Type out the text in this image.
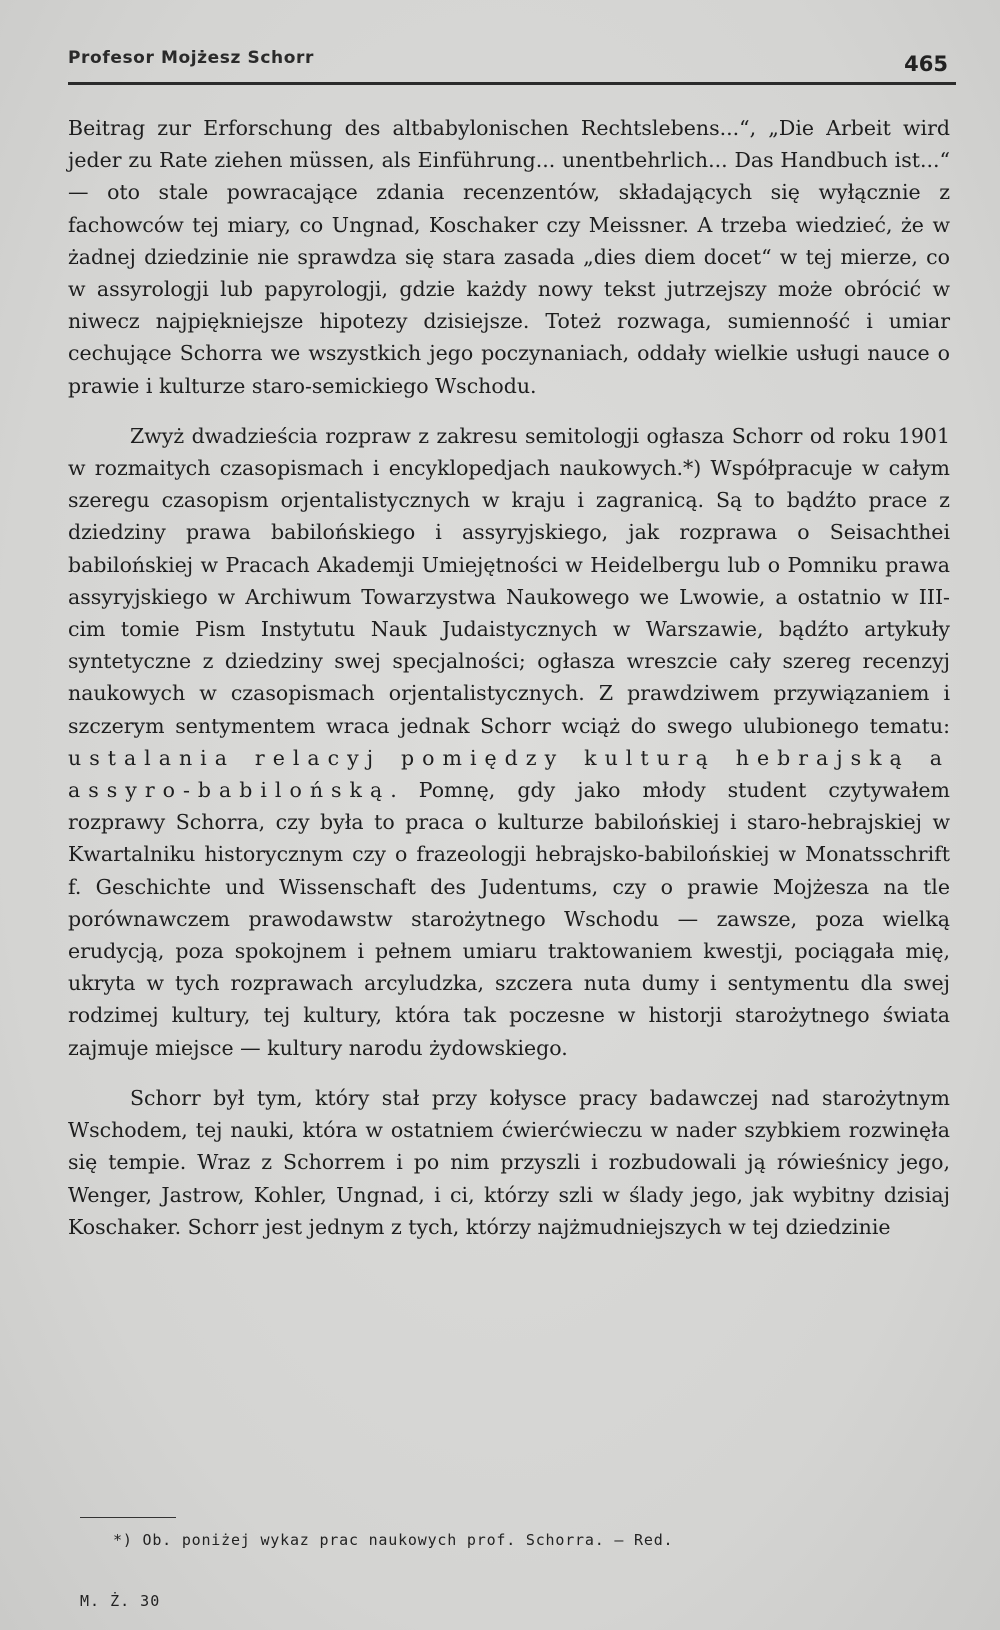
Profesor Mojżesz Schorr	465

Beitrag zur Erforschung des altbabylonischen Rechtslebens...“, „Die Arbeit wird jeder zu Rate ziehen müssen, als Einführung... unentbehrlich... Das Handbuch ist...“ — oto stale powracające zdania recenzentów, składających się wyłącznie z fachowców tej miary, co Ungnad, Koschaker czy Meissner. A trzeba wiedzieć, że w żadnej dziedzinie nie sprawdza się stara zasada „dies diem docet“ w tej mierze, co w assyrologji lub papyrologji, gdzie każdy nowy tekst jutrzejszy może obrócić w niwecz najpiękniejsze hipotezy dzisiejsze. Toteż rozwaga, sumienność i umiar cechujące Schorra we wszystkich jego poczynaniach, oddały wielkie usługi nauce o prawie i kulturze staro-semickiego Wschodu.

Zwyż dwadzieścia rozpraw z zakresu semitologji ogłasza Schorr od roku 1901 w rozmaitych czasopismach i encyklopedjach naukowych.*) Współpracuje w całym szeregu czasopism orjentalistycznych w kraju i zagranicą. Są to bądźto prace z dziedziny prawa babilońskiego i assyryjskiego, jak rozprawa o Seisachthei babilońskiej w Pracach Akademji Umiejętności w Heidelbergu lub o Pomniku prawa assyryjskiego w Archiwum Towarzystwa Naukowego we Lwowie, a ostatnio w III-cim tomie Pism Instytutu Nauk Judaistycznych w Warszawie, bądźto artykuły syntetyczne z dziedziny swej specjalności; ogłasza wreszcie cały szereg recenzyj naukowych w czasopismach orjentalistycznych. Z prawdziwem przywiązaniem i szczerym sentymentem wraca jednak Schorr wciąż do swego ulubionego tematu: ustalania relacyj pomiędzy kulturą hebrajską a assyro-babilońską. Pomnę, gdy jako młody student czytywałem rozprawy Schorra, czy była to praca o kulturze babilońskiej i staro-hebrajskiej w Kwartalniku historycznym czy o frazeologji hebrajsko-babilońskiej w Monatsschrift f. Geschichte und Wissenschaft des Judentums, czy o prawie Mojżesza na tle porównawczem prawodawstw starożytnego Wschodu — zawsze, poza wielką erudycją, poza spokojnem i pełnem umiaru traktowaniem kwestji, pociągała mię, ukryta w tych rozprawach arcyludzka, szczera nuta dumy i sentymentu dla swej rodzimej kultury, tej kultury, która tak poczesne w historji starożytnego świata zajmuje miejsce — kultury narodu żydowskiego.

Schorr był tym, który stał przy kołysce pracy badawczej nad starożytnym Wschodem, tej nauki, która w ostatniem ćwierćwieczu w nader szybkiem rozwinęła się tempie. Wraz z Schorrem i po nim przyszli i rozbudowali ją rówieśnicy jego, Wenger, Jastrow, Kohler, Ungnad, i ci, którzy szli w ślady jego, jak wybitny dzisiaj Koschaker. Schorr jest jednym z tych, którzy najżmudniejszych w tej dziedzinie

*) Ob. poniżej wykaz prac naukowych prof. Schorra. — Red.
M. Ż. 30
